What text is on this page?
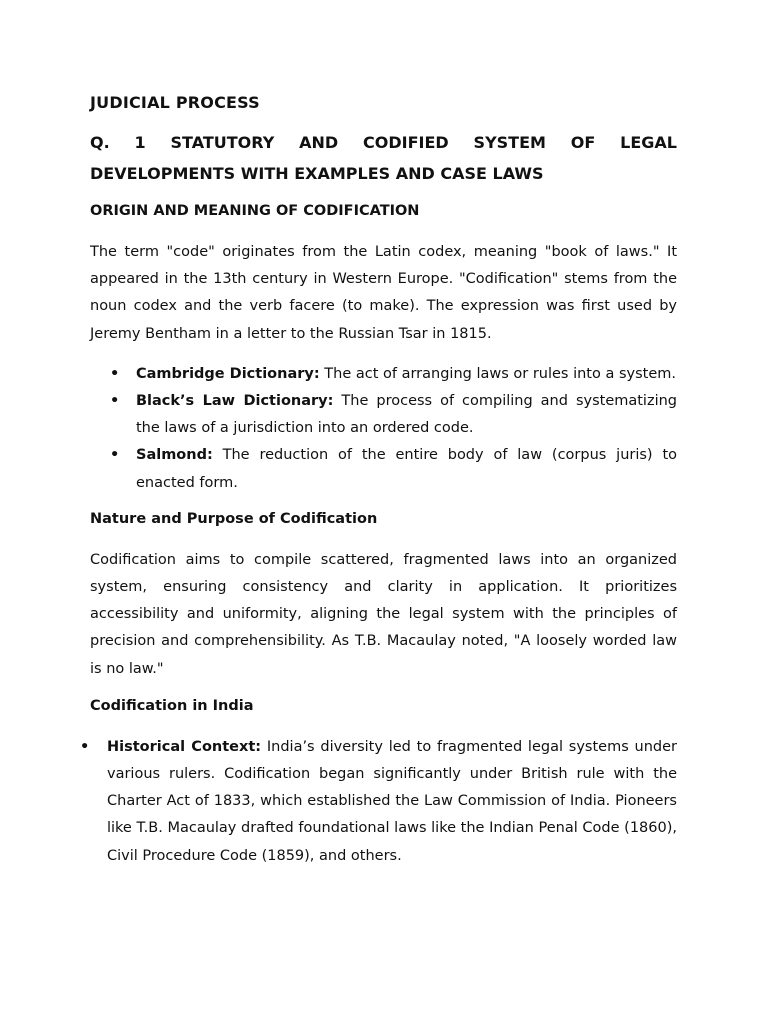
JUDICIAL PROCESS
Q. 1 STATUTORY AND CODIFIED SYSTEM OF LEGAL
DEVELOPMENTS WITH EXAMPLES AND CASE LAWS
ORIGIN AND MEANING OF CODIFICATION

The term "code" originates from the Latin codex, meaning "book of laws." It appeared in the 13th century in Western Europe. "Codification" stems from the noun codex and the verb facere (to make). The expression was first used by Jeremy Bentham in a letter to the Russian Tsar in 1815.

• Cambridge Dictionary: The act of arranging laws or rules into a system.
• Black’s Law Dictionary: The process of compiling and systematizing the laws of a jurisdiction into an ordered code.
• Salmond: The reduction of the entire body of law (corpus juris) to enacted form.
Nature and Purpose of Codification

Codification aims to compile scattered, fragmented laws into an organized system, ensuring consistency and clarity in application. It prioritizes accessibility and uniformity, aligning the legal system with the principles of precision and comprehensibility. As T.B. Macaulay noted, "A loosely worded law is no law."

Codification in India
• Historical Context: India’s diversity led to fragmented legal systems under various rulers. Codification began significantly under British rule with the Charter Act of 1833, which established the Law Commission of India. Pioneers like T.B. Macaulay drafted foundational laws like the Indian Penal Code (1860), Civil Procedure Code (1859), and others.
